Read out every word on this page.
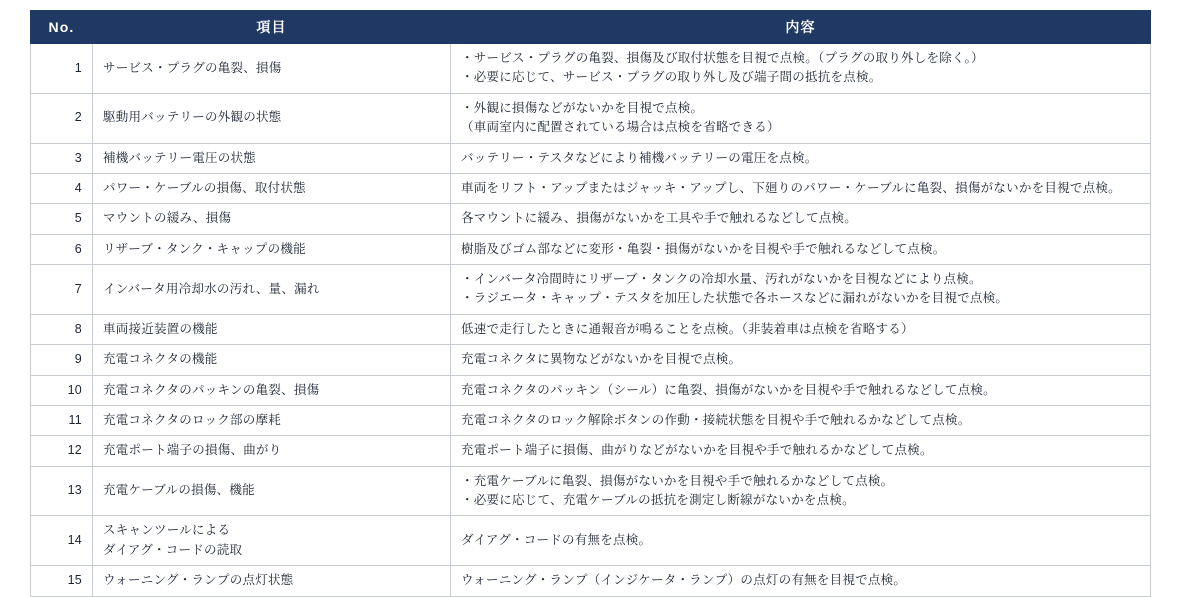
No.	項目	内容
1	サービス・プラグの亀裂、損傷	・サービス・プラグの亀裂、損傷及び取付状態を目視で点検。（プラグの取り外しを除く。）
・必要に応じて、サービス・プラグの取り外し及び端子間の抵抗を点検。

2	駆動用バッテリーの外観の状態	・外観に損傷などがないかを目視で点検。
（車両室内に配置されている場合は点検を省略できる）

3	補機バッテリー電圧の状態	バッテリー・テスタなどにより補機バッテリーの電圧を点検。
4	パワー・ケーブルの損傷、取付状態	車両をリフト・アップまたはジャッキ・アップし、下廻りのパワー・ケーブルに亀裂、損傷がないかを目視で点検。
5	マウントの緩み、損傷	各マウントに緩み、損傷がないかを工具や手で触れるなどして点検。
6	リザーブ・タンク・キャップの機能	樹脂及びゴム部などに変形・亀裂・損傷がないかを目視や手で触れるなどして点検。
7	インバータ用冷却水の汚れ、量、漏れ	・インバータ冷間時にリザーブ・タンクの冷却水量、汚れがないかを目視などにより点検。
・ラジエータ・キャップ・テスタを加圧した状態で各ホースなどに漏れがないかを目視で点検。

8	車両接近装置の機能	低速で走行したときに通報音が鳴ることを点検。（非装着車は点検を省略する）
9	充電コネクタの機能	充電コネクタに異物などがないかを目視で点検。
10	充電コネクタのパッキンの亀裂、損傷	充電コネクタのパッキン（シール）に亀裂、損傷がないかを目視や手で触れるなどして点検。
11	充電コネクタのロック部の摩耗	充電コネクタのロック解除ボタンの作動・接続状態を目視や手で触れるかなどして点検。
12	充電ポート端子の損傷、曲がり	充電ポート端子に損傷、曲がりなどがないかを目視や手で触れるかなどして点検。
13	充電ケーブルの損傷、機能	・充電ケーブルに亀裂、損傷がないかを目視や手で触れるかなどして点検。
・必要に応じて、充電ケーブルの抵抗を測定し断線がないかを点検。

14	スキャンツールによる
ダイアグ・コードの読取	ダイアグ・コードの有無を点検。
15	ウォーニング・ランプの点灯状態	ウォーニング・ランプ（インジケータ・ランプ）の点灯の有無を目視で点検。
